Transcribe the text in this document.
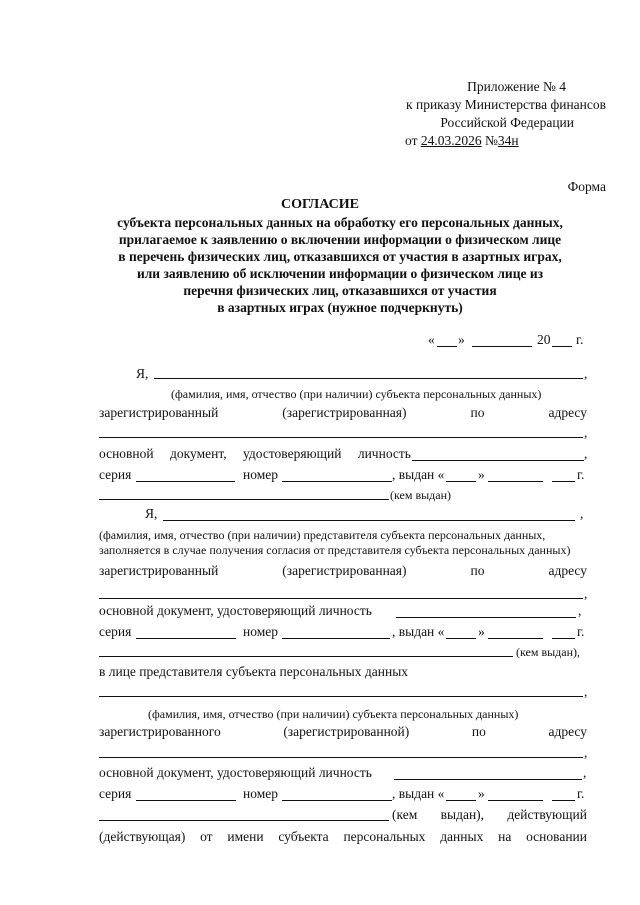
Приложение № 4
к приказу Министерства финансов
Российской Федерации
от 24.03.2026 №34н
Форма
СОГЛАСИЕ
субъекта персональных данных на обработку его персональных данных,
прилагаемое к заявлению о включении информации о физическом лице
в перечень физических лиц, отказавшихся от участия в азартных играх,
или заявлению об исключении информации о физическом лице из
перечня физических лиц, отказавшихся от участия
в азартных играх (нужное подчеркнуть)
« »	20 г.
Я,	,
(фамилия, имя, отчество (при наличии) субъекта персональных данных)
зарегистрированный	(зарегистрированная)	по	адресу
,
основной документ, удостоверяющий личность	,
серия	номер	, выдан « »	г.
(кем выдан)
Я,	,
(фамилия, имя, отчество (при наличии) представителя субъекта персональных данных,
заполняется в случае получения согласия от представителя субъекта персональных данных)
зарегистрированный	(зарегистрированная)	по	адресу
,
основной документ, удостоверяющий личность	,
серия	номер	, выдан « »	г.
(кем выдан),
в лице представителя субъекта персональных данных
,
(фамилия, имя, отчество (при наличии) субъекта персональных данных)
зарегистрированного	(зарегистрированной)	по	адресу
,
основной документ, удостоверяющий личность	,
серия	номер	, выдан « »	г.
(кем выдан), действующий
(действующая) от имени субъекта персональных данных на основании
